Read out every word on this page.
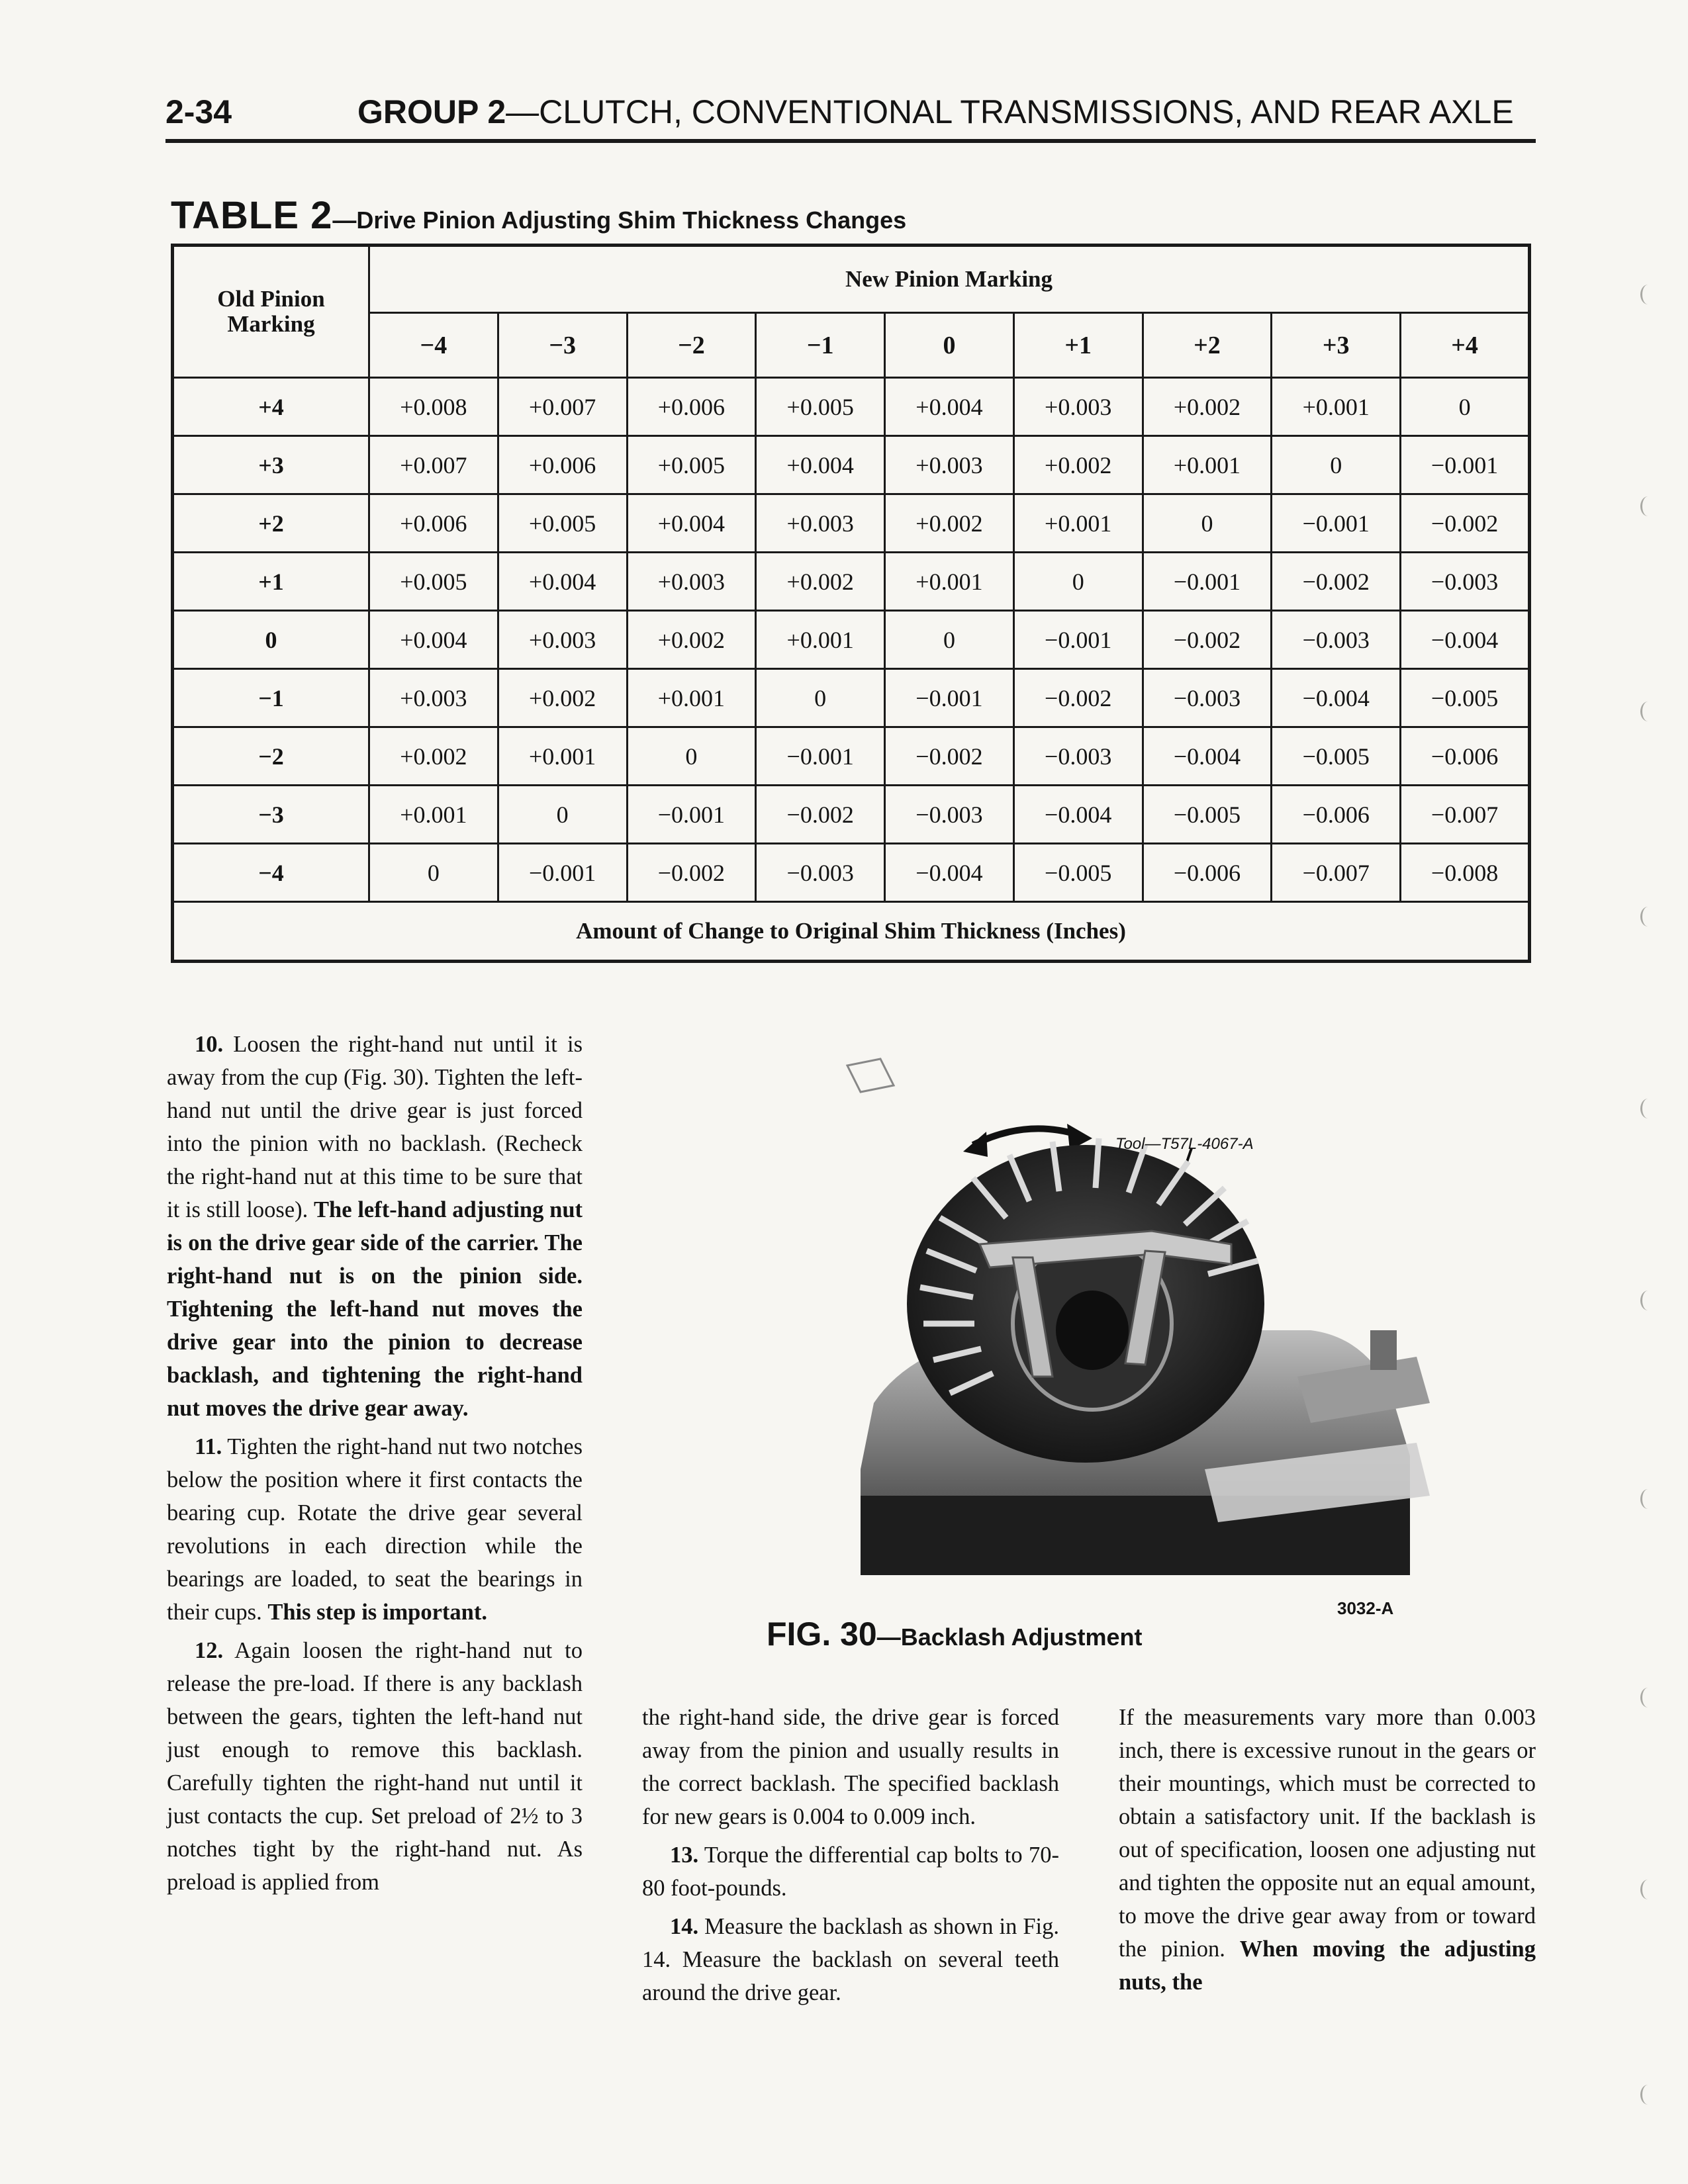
2-34	GROUP 2—CLUTCH, CONVENTIONAL TRANSMISSIONS, AND REAR AXLE
TABLE 2—Drive Pinion Adjusting Shim Thickness Changes
Old Pinion Marking	New Pinion Marking								
	−4	−3	−2	−1	0	+1	+2	+3	+4
+4	+0.008	+0.007	+0.006	+0.005	+0.004	+0.003	+0.002	+0.001	0
+3	+0.007	+0.006	+0.005	+0.004	+0.003	+0.002	+0.001	0	−0.001
+2	+0.006	+0.005	+0.004	+0.003	+0.002	+0.001	0	−0.001	−0.002
+1	+0.005	+0.004	+0.003	+0.002	+0.001	0	−0.001	−0.002	−0.003
0	+0.004	+0.003	+0.002	+0.001	0	−0.001	−0.002	−0.003	−0.004
−1	+0.003	+0.002	+0.001	0	−0.001	−0.002	−0.003	−0.004	−0.005
−2	+0.002	+0.001	0	−0.001	−0.002	−0.003	−0.004	−0.005	−0.006
−3	+0.001	0	−0.001	−0.002	−0.003	−0.004	−0.005	−0.006	−0.007
−4	0	−0.001	−0.002	−0.003	−0.004	−0.005	−0.006	−0.007	−0.008
Amount of Change to Original Shim Thickness (Inches)									

10. Loosen the right-hand nut until it is away from the cup (Fig. 30). Tighten the left-hand nut until the drive gear is just forced into the pinion with no backlash. (Recheck the right-hand nut at this time to be sure that it is still loose). The left-hand adjusting nut is on the drive gear side of the carrier. The right-hand nut is on the pinion side. Tightening the left-hand nut moves the drive gear into the pinion to decrease backlash, and tightening the right-hand nut moves the drive gear away.

11. Tighten the right-hand nut two notches below the position where it first contacts the bearing cup. Rotate the drive gear several revolutions in each direction while the bearings are loaded, to seat the bearings in their cups. This step is important.

12. Again loosen the right-hand nut to release the pre-load. If there is any backlash between the gears, tighten the left-hand nut just enough to remove this backlash. Carefully tighten the right-hand nut until it just contacts the cup. Set preload of 2½ to 3 notches tight by the right-hand nut. As preload is applied from

Tool—T57L-4067-A
3032-A
FIG. 30—Backlash Adjustment

the right-hand side, the drive gear is forced away from the pinion and usually results in the correct backlash. The specified backlash for new gears is 0.004 to 0.009 inch.

13. Torque the differential cap bolts to 70-80 foot-pounds.

14. Measure the backlash as shown in Fig. 14. Measure the backlash on several teeth around the drive gear.

If the measurements vary more than 0.003 inch, there is excessive runout in the gears or their mountings, which must be corrected to obtain a satisfactory unit. If the backlash is out of specification, loosen one adjusting nut and tighten the opposite nut an equal amount, to move the drive gear away from or toward the pinion. When moving the adjusting nuts, the
